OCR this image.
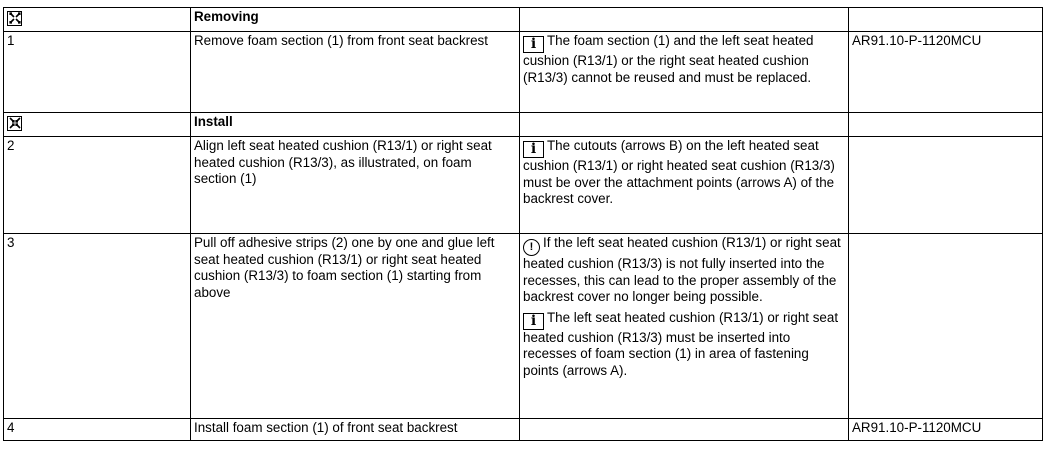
	Removing		
1	Remove foam section (1) from front seat backrest	i The foam section (1) and the left seat heated cushion (R13/1) or the right seat heated cushion (R13/3) cannot be reused and must be replaced.	AR91.10-P-1120MCU
	Install		
2	Align left seat heated cushion (R13/1) or right seat heated cushion (R13/3), as illustrated, on foam section (1)	i The cutouts (arrows B) on the left heated seat cushion (R13/1) or right heated seat cushion (R13/3) must be over the attachment points (arrows A) of the backrest cover.	

3	Pull off adhesive strips (2) one by one and glue left seat heated cushion (R13/1) or right seat heated cushion (R13/3) to foam section (1) starting from above	! If the left seat heated cushion (R13/1) or right seat heated cushion (R13/3) is not fully inserted into the recesses, this can lead to the proper assembly of the backrest cover no longer being possible.
i The left seat heated cushion (R13/1) or right seat heated cushion (R13/3) must be inserted into recesses of foam section (1) in area of fastening points (arrows A).	

4	Install foam section (1) of front seat backrest		AR91.10-P-1120MCU
